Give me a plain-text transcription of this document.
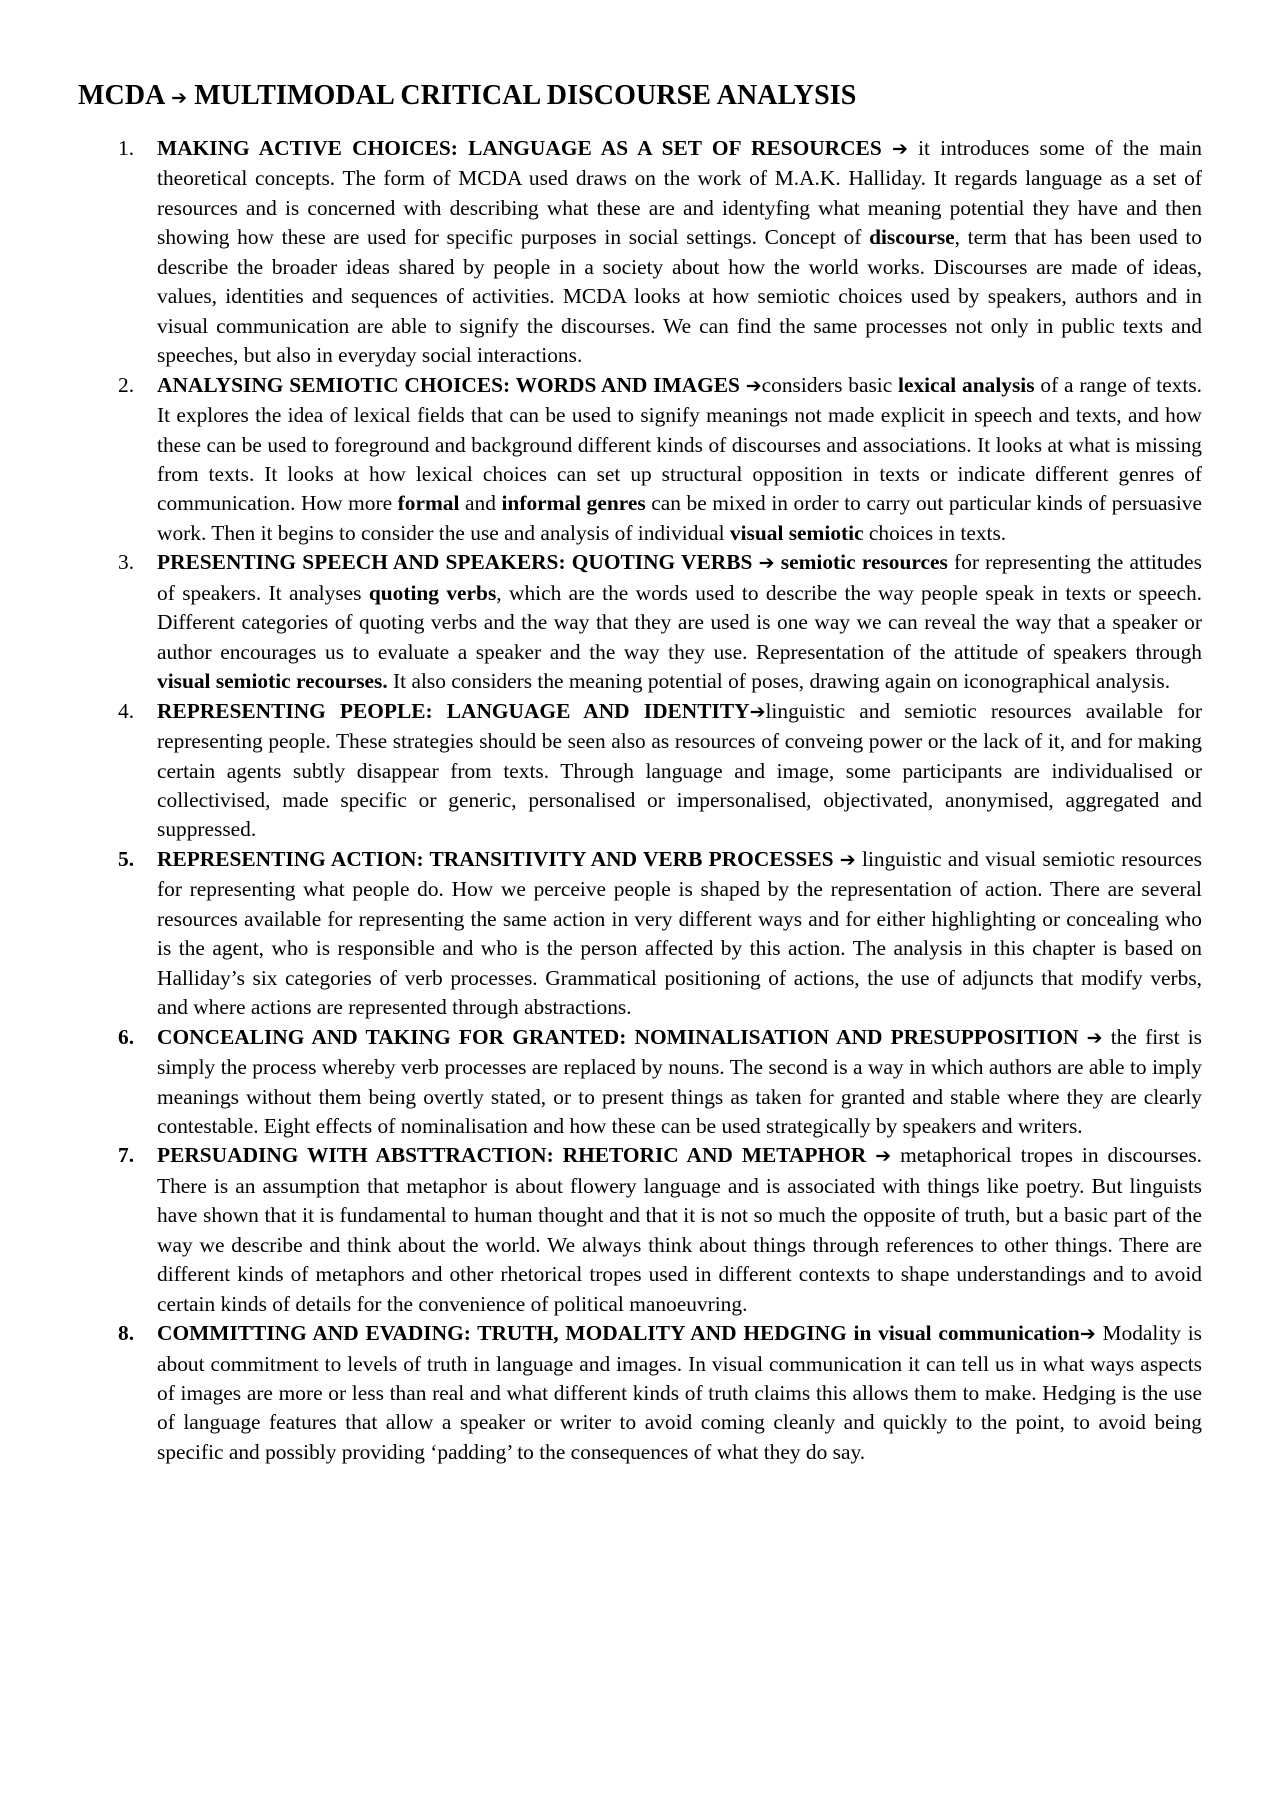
MCDA ➔ MULTIMODAL CRITICAL DISCOURSE ANALYSIS
1.	MAKING ACTIVE CHOICES: LANGUAGE AS A SET OF RESOURCES ➔ it introduces some of the main theoretical concepts. The form of MCDA used draws on the work of M.A.K. Halliday. It regards language as a set of resources and is concerned with describing what these are and identyfing what meaning potential they have and then showing how these are used for specific purposes in social settings. Concept of discourse, term that has been used to describe the broader ideas shared by people in a society about how the world works. Discourses are made of ideas, values, identities and sequences of activities. MCDA looks at how semiotic choices used by speakers, authors and in visual communication are able to signify the discourses. We can find the same processes not only in public texts and speeches, but also in everyday social interactions.
2.	ANALYSING SEMIOTIC CHOICES: WORDS AND IMAGES ➔considers basic lexical analysis of a range of texts. It explores the idea of lexical fields that can be used to signify meanings not made explicit in speech and texts, and how these can be used to foreground and background different kinds of discourses and associations. It looks at what is missing from texts. It looks at how lexical choices can set up structural opposition in texts or indicate different genres of communication. How more formal and informal genres can be mixed in order to carry out particular kinds of persuasive work. Then it begins to consider the use and analysis of individual visual semiotic choices in texts.
3.	PRESENTING SPEECH AND SPEAKERS: QUOTING VERBS ➔ semiotic resources for representing the attitudes of speakers. It analyses quoting verbs, which are the words used to describe the way people speak in texts or speech. Different categories of quoting verbs and the way that they are used is one way we can reveal the way that a speaker or author encourages us to evaluate a speaker and the way they use. Representation of the attitude of speakers through visual semiotic recourses. It also considers the meaning potential of poses, drawing again on iconographical analysis.
4.	REPRESENTING PEOPLE: LANGUAGE AND IDENTITY➔linguistic and semiotic resources available for representing people. These strategies should be seen also as resources of conveing power or the lack of it, and for making certain agents subtly disappear from texts. Through language and image, some participants are individualised or collectivised, made specific or generic, personalised or impersonalised, objectivated, anonymised, aggregated and suppressed.
5.	REPRESENTING ACTION: TRANSITIVITY AND VERB PROCESSES ➔ linguistic and visual semiotic resources for representing what people do. How we perceive people is shaped by the representation of action. There are several resources available for representing the same action in very different ways and for either highlighting or concealing who is the agent, who is responsible and who is the person affected by this action. The analysis in this chapter is based on Halliday’s six categories of verb processes. Grammatical positioning of actions, the use of adjuncts that modify verbs, and where actions are represented through abstractions.
6.	CONCEALING AND TAKING FOR GRANTED: NOMINALISATION AND PRESUPPOSITION ➔ the first is simply the process whereby verb processes are replaced by nouns. The second is a way in which authors are able to imply meanings without them being overtly stated, or to present things as taken for granted and stable where they are clearly contestable. Eight effects of nominalisation and how these can be used strategically by speakers and writers.
7.	PERSUADING WITH ABSTTRACTION: RHETORIC AND METAPHOR ➔ metaphorical tropes in discourses. There is an assumption that metaphor is about flowery language and is associated with things like poetry. But linguists have shown that it is fundamental to human thought and that it is not so much the opposite of truth, but a basic part of the way we describe and think about the world. We always think about things through references to other things. There are different kinds of metaphors and other rhetorical tropes used in different contexts to shape understandings and to avoid certain kinds of details for the convenience of political manoeuvring.
8.	COMMITTING AND EVADING: TRUTH, MODALITY AND HEDGING in visual communication➔ Modality is about commitment to levels of truth in language and images. In visual communication it can tell us in what ways aspects of images are more or less than real and what different kinds of truth claims this allows them to make. Hedging is the use of language features that allow a speaker or writer to avoid coming cleanly and quickly to the point, to avoid being specific and possibly providing ‘padding’ to the consequences of what they do say.
